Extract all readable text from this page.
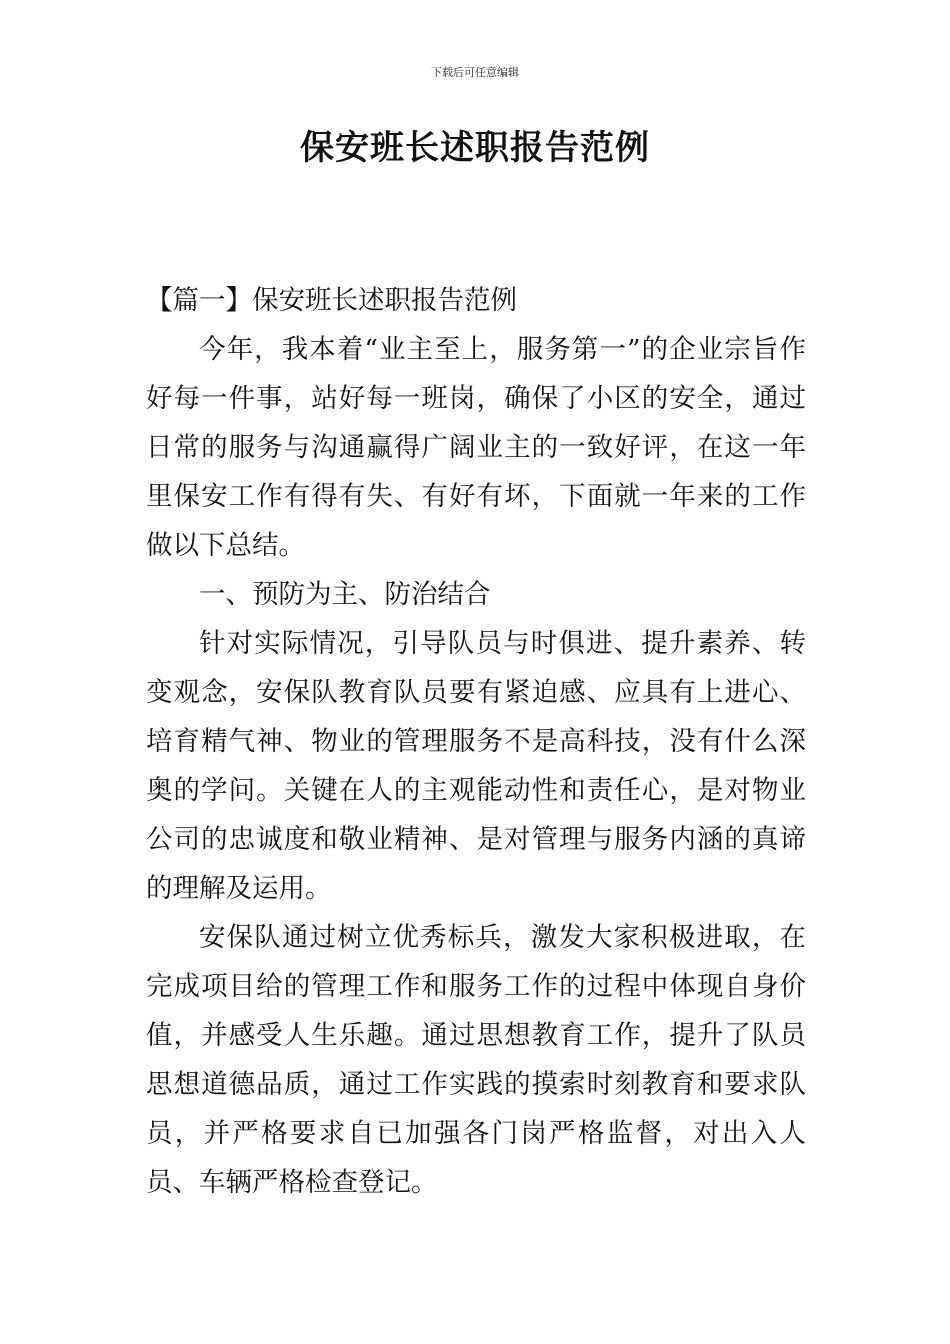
下载后可任意编辑
保安班长述职报告范例

【篇一】保安班长述职报告范例

今年，我本着“业主至上，服务第一”的企业宗旨作好每一件事，站好每一班岗，确保了小区的安全，通过日常的服务与沟通赢得广阔业主的一致好评，在这一年里保安工作有得有失、有好有坏，下面就一年来的工作做以下总结。

一、预防为主、防治结合

针对实际情况，引导队员与时俱进、提升素养、转变观念，安保队教育队员要有紧迫感、应具有上进心、培育精气神、物业的管理服务不是高科技，没有什么深奥的学问。关键在人的主观能动性和责任心，是对物业公司的忠诚度和敬业精神、是对管理与服务内涵的真谛的理解及运用。

安保队通过树立优秀标兵，激发大家积极进取，在完成项目给的管理工作和服务工作的过程中体现自身价值，并感受人生乐趣。通过思想教育工作，提升了队员思想道德品质，通过工作实践的摸索时刻教育和要求队员，并严格要求自已加强各门岗严格监督，对出入人员、车辆严格检查登记。
